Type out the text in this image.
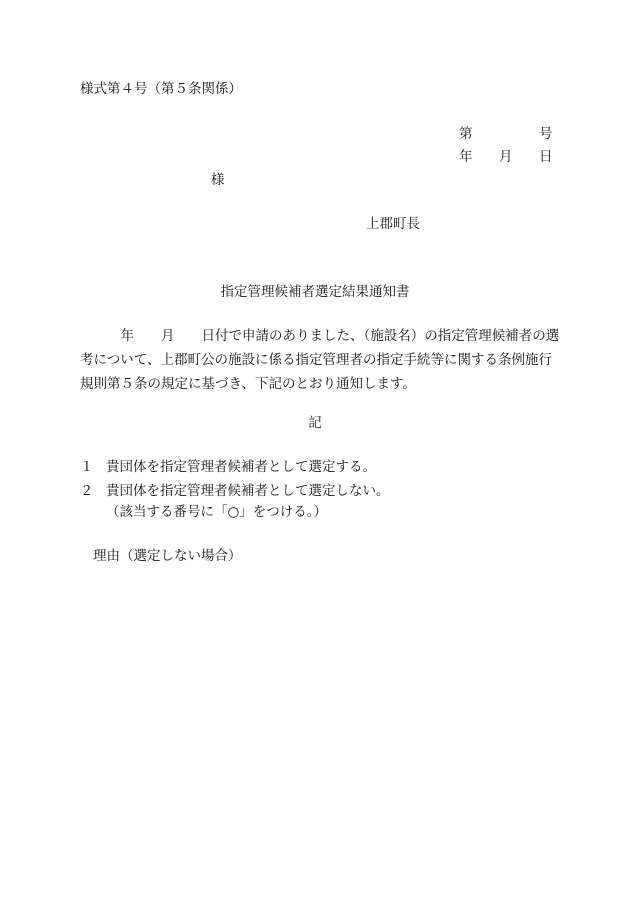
様式第４号（第５条関係）
第	号
年 月 日
様
上郡町長
指定管理候補者選定結果通知書
　　　年　　月　　日付で申請のありました、（施設名）の指定管理候補者の選
考について、上郡町公の施設に係る指定管理者の指定手続等に関する条例施行
規則第５条の規定に基づき、下記のとおり通知します。
記
１ 貴団体を指定管理者候補者として選定する。
２ 貴団体を指定管理者候補者として選定しない。
（該当する番号に「○」をつける。）
理由（選定しない場合）
